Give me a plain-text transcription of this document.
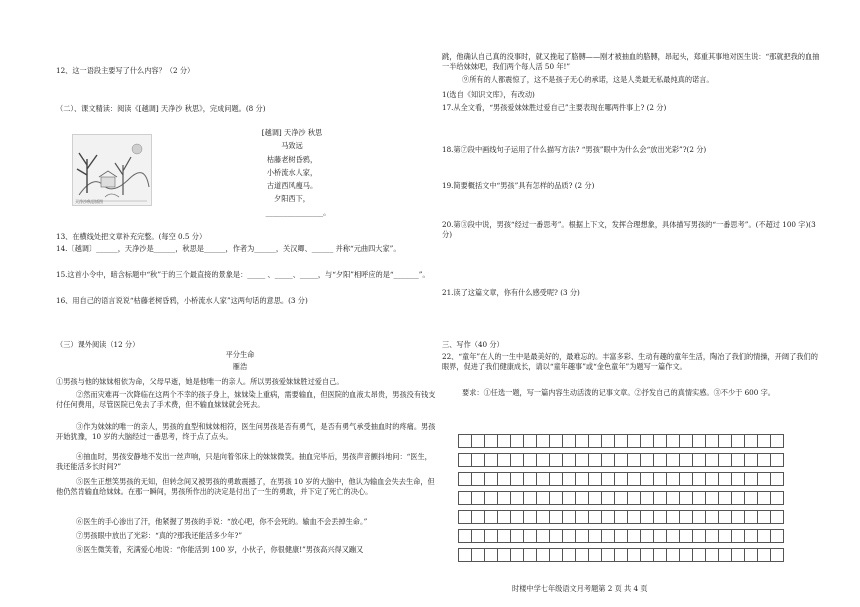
12、这一语段主要写了什么内容？（2 分）
（二）、课文精读：阅读《[越调] 天净沙 秋思》，完成问题。(8 分)
天净沙秋思插图
[越调] 天净沙 秋思
马致远
枯藤老树昏鸦，
小桥流水人家，
古道西风瘦马。
夕阳西下，
________________。
13、在横线处把文章补充完整。(每空 0.5 分）
14.〔越调〕______，天净沙是______，秋思是______，作者为______，关汉卿、______ 并称“元曲四大家”。
15.这首小令中，暗含标题中“秋”于的三个最直接的景象是：_____ 、_____、_____，与“夕阳”相呼应的是“_______”。
16、用自己的语言说说“枯藤老树昏鸦，小桥流水人家”这两句话的意思。(3 分)
（三）课外阅读（12 分）
平分生命
雁浩
①男孩与他的妹妹相依为命，父母早逝，她是他唯一的亲人。所以男孩爱妹妹胜过爱自己。
②然而灾难再一次降临在这两个不幸的孩子身上，妹妹染上重病，需要输血，但医院的血液太昂贵，男孩没有钱支付任何费用，尽管医院已免去了手术费，但不输血妹妹就会死去。
③作为妹妹的唯一的亲人，男孩的血型和妹妹相符，医生问男孩是否有勇气，是否有勇气承受抽血时的疼痛。男孩开始犹豫，10 岁的大脑经过一番思考，终于点了点头。
④抽血时，男孩安静地不发出一丝声响，只是向着邻床上的妹妹微笑。抽血完毕后，男孩声音颤抖地问：“医生，我还能活多长时间?”
⑤医生正想笑男孩的无知，但转念间又被男孩的勇敢震撼了，在男孩 10 岁的大脑中，他认为输血会失去生命，但他仍然肯输血给妹妹。在那一瞬间，男孩所作出的决定是付出了一生的勇敢，并下定了死亡的决心。
⑥医生的手心渗出了汗，他紧握了男孩的手说：“放心吧，你不会死的。输血不会丢掉生命。”
⑦男孩眼中放出了光彩：“真的?那我还能活多少年?”
⑧医生微笑着，充满爱心地说：“你能活到 100 岁，小伙子，你很健康!”男孩高兴得又蹦又
跳，他确认自己真的没事时，就又挽起了胳膊——刚才被抽血的胳膊，昂起头，郑重其事地对医生说：“那就把我的血抽一半给妹妹吧，我们两个每人活 50 年!”
⑨所有的人都震惊了，这不是孩子无心的承诺，这是人类最无私最纯真的诺言。
1(选自《知识文库》，有改动)
17.从全文看，“男孩爱妹妹胜过爱自己”主要表现在哪两件事上? (2 分)
18.第⑦段中画线句子运用了什么描写方法? “男孩”眼中为什么会“放出光彩”?(2 分)
19.简要概括文中“男孩”具有怎样的品质? (2 分)
20.第③段中说，男孩“经过一番思考”。根据上下文，发挥合理想象，具体描写男孩的“一番思考”。(不超过 100 字)(3 分)
21.读了这篇文章，你有什么感受呢? (3 分)
三、写作（40 分）
22、“童年”在人的一生中是最美好的，最难忘的。丰富多彩、生动有趣的童年生活，陶冶了我们的情操，开阔了我们的眼界，促进了我们健康成长，请以“童年趣事”或“金色童年”为题写一篇作文。
要求：①任选一题，写一篇内容生动活泼的记事文章。②抒发自己的真情实感。③不少于 600 字。
时楼中学七年级语文月考题第 2 页 共 4 页
